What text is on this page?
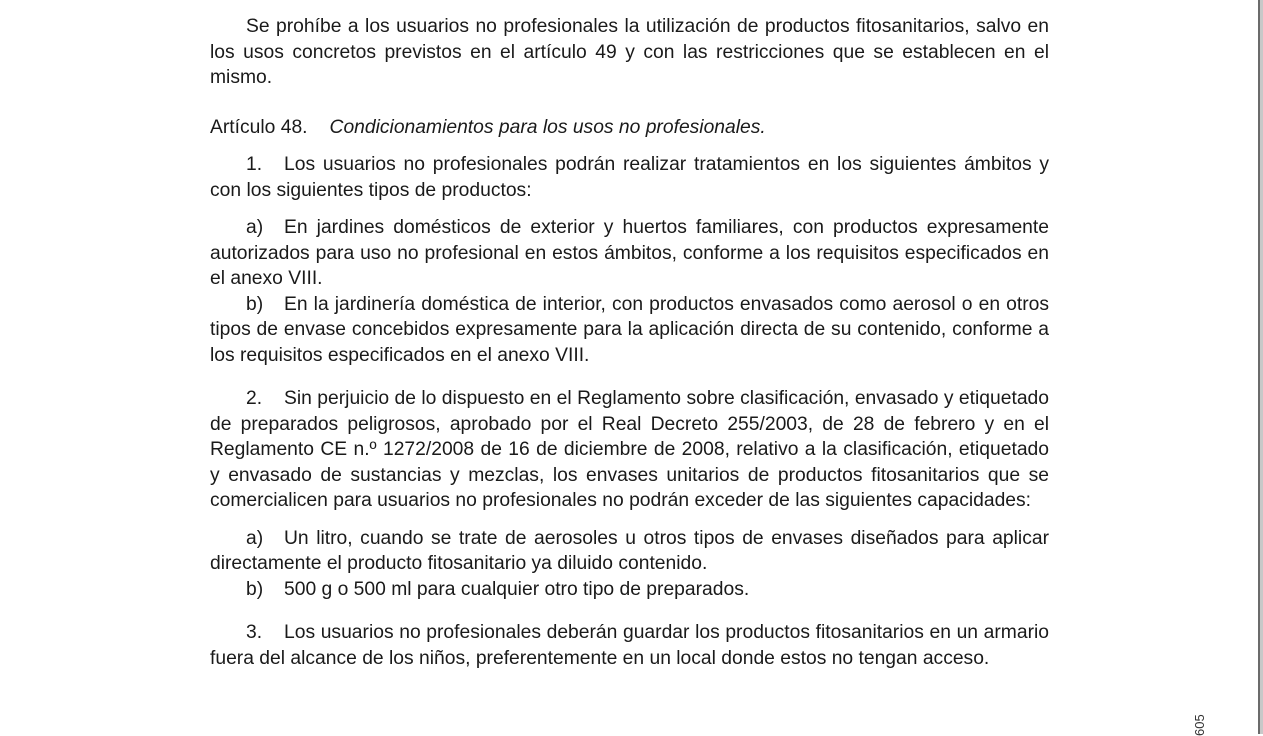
Se prohíbe a los usuarios no profesionales la utilización de productos fitosanitarios, salvo en los usos concretos previstos en el artículo 49 y con las restricciones que se establecen en el mismo.

Artículo 48. Condicionamientos para los usos no profesionales.

1. Los usuarios no profesionales podrán realizar tratamientos en los siguientes ámbitos y con los siguientes tipos de productos:

a) En jardines domésticos de exterior y huertos familiares, con productos expresamente autorizados para uso no profesional en estos ámbitos, conforme a los requisitos especificados en el anexo VIII.

b) En la jardinería doméstica de interior, con productos envasados como aerosol o en otros tipos de envase concebidos expresamente para la aplicación directa de su contenido, conforme a los requisitos especificados en el anexo VIII.

2. Sin perjuicio de lo dispuesto en el Reglamento sobre clasificación, envasado y etiquetado de preparados peligrosos, aprobado por el Real Decreto 255/2003, de 28 de febrero y en el Reglamento CE n.º 1272/2008 de 16 de diciembre de 2008, relativo a la clasificación, etiquetado y envasado de sustancias y mezclas, los envases unitarios de productos fitosanitarios que se comercialicen para usuarios no profesionales no podrán exceder de las siguientes capacidades:

a) Un litro, cuando se trate de aerosoles u otros tipos de envases diseñados para aplicar directamente el producto fitosanitario ya diluido contenido.

b) 500 g o 500 ml para cualquier otro tipo de preparados.

3. Los usuarios no profesionales deberán guardar los productos fitosanitarios en un armario fuera del alcance de los niños, preferentemente en un local donde estos no tengan acceso.

605
